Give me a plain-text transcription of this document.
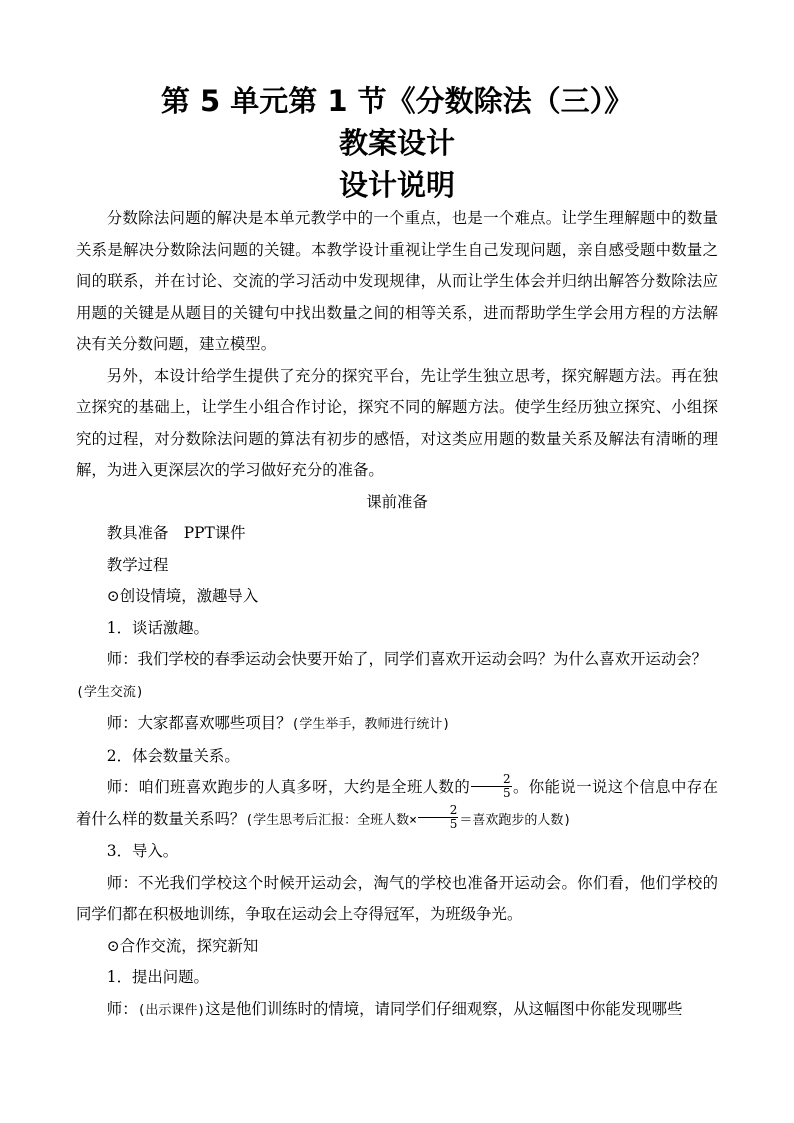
第 5 单元第 1 节《分数除法（三）》
教案设计
设计说明

分数除法问题的解决是本单元教学中的一个重点，也是一个难点。让学生理解题中的数量关系是解决分数除法问题的关键。本教学设计重视让学生自己发现问题，亲自感受题中数量之间的联系，并在讨论、交流的学习活动中发现规律，从而让学生体会并归纳出解答分数除法应用题的关键是从题目的关键句中找出数量之间的相等关系，进而帮助学生学会用方程的方法解决有关分数问题，建立模型。

另外，本设计给学生提供了充分的探究平台，先让学生独立思考，探究解题方法。再在独立探究的基础上，让学生小组合作讨论，探究不同的解题方法。使学生经历独立探究、小组探究的过程，对分数除法问题的算法有初步的感悟，对这类应用题的数量关系及解法有清晰的理解，为进入更深层次的学习做好充分的准备。

课前准备

教具准备　PPT课件

教学过程

⊙创设情境，激趣导入

1．谈话激趣。

师：我们学校的春季运动会快要开始了，同学们喜欢开运动会吗？为什么喜欢开运动会？
(学生交流)

师：大家都喜欢哪些项目？(学生举手，教师进行统计)

2．体会数量关系。

师：咱们班喜欢跑步的人真多呀，大约是全班人数的 $\frac{2}{5}$ 。你能说一说这个信息中存在着什么样的数量关系吗？(学生思考后汇报：全班人数× $\frac{2}{5}$ ＝喜欢跑步的人数)

3．导入。

师：不光我们学校这个时候开运动会，淘气的学校也准备开运动会。你们看，他们学校的同学们都在积极地训练，争取在运动会上夺得冠军，为班级争光。

⊙合作交流，探究新知

1．提出问题。

师：(出示课件)这是他们训练时的情境，请同学们仔细观察，从这幅图中你能发现哪些
